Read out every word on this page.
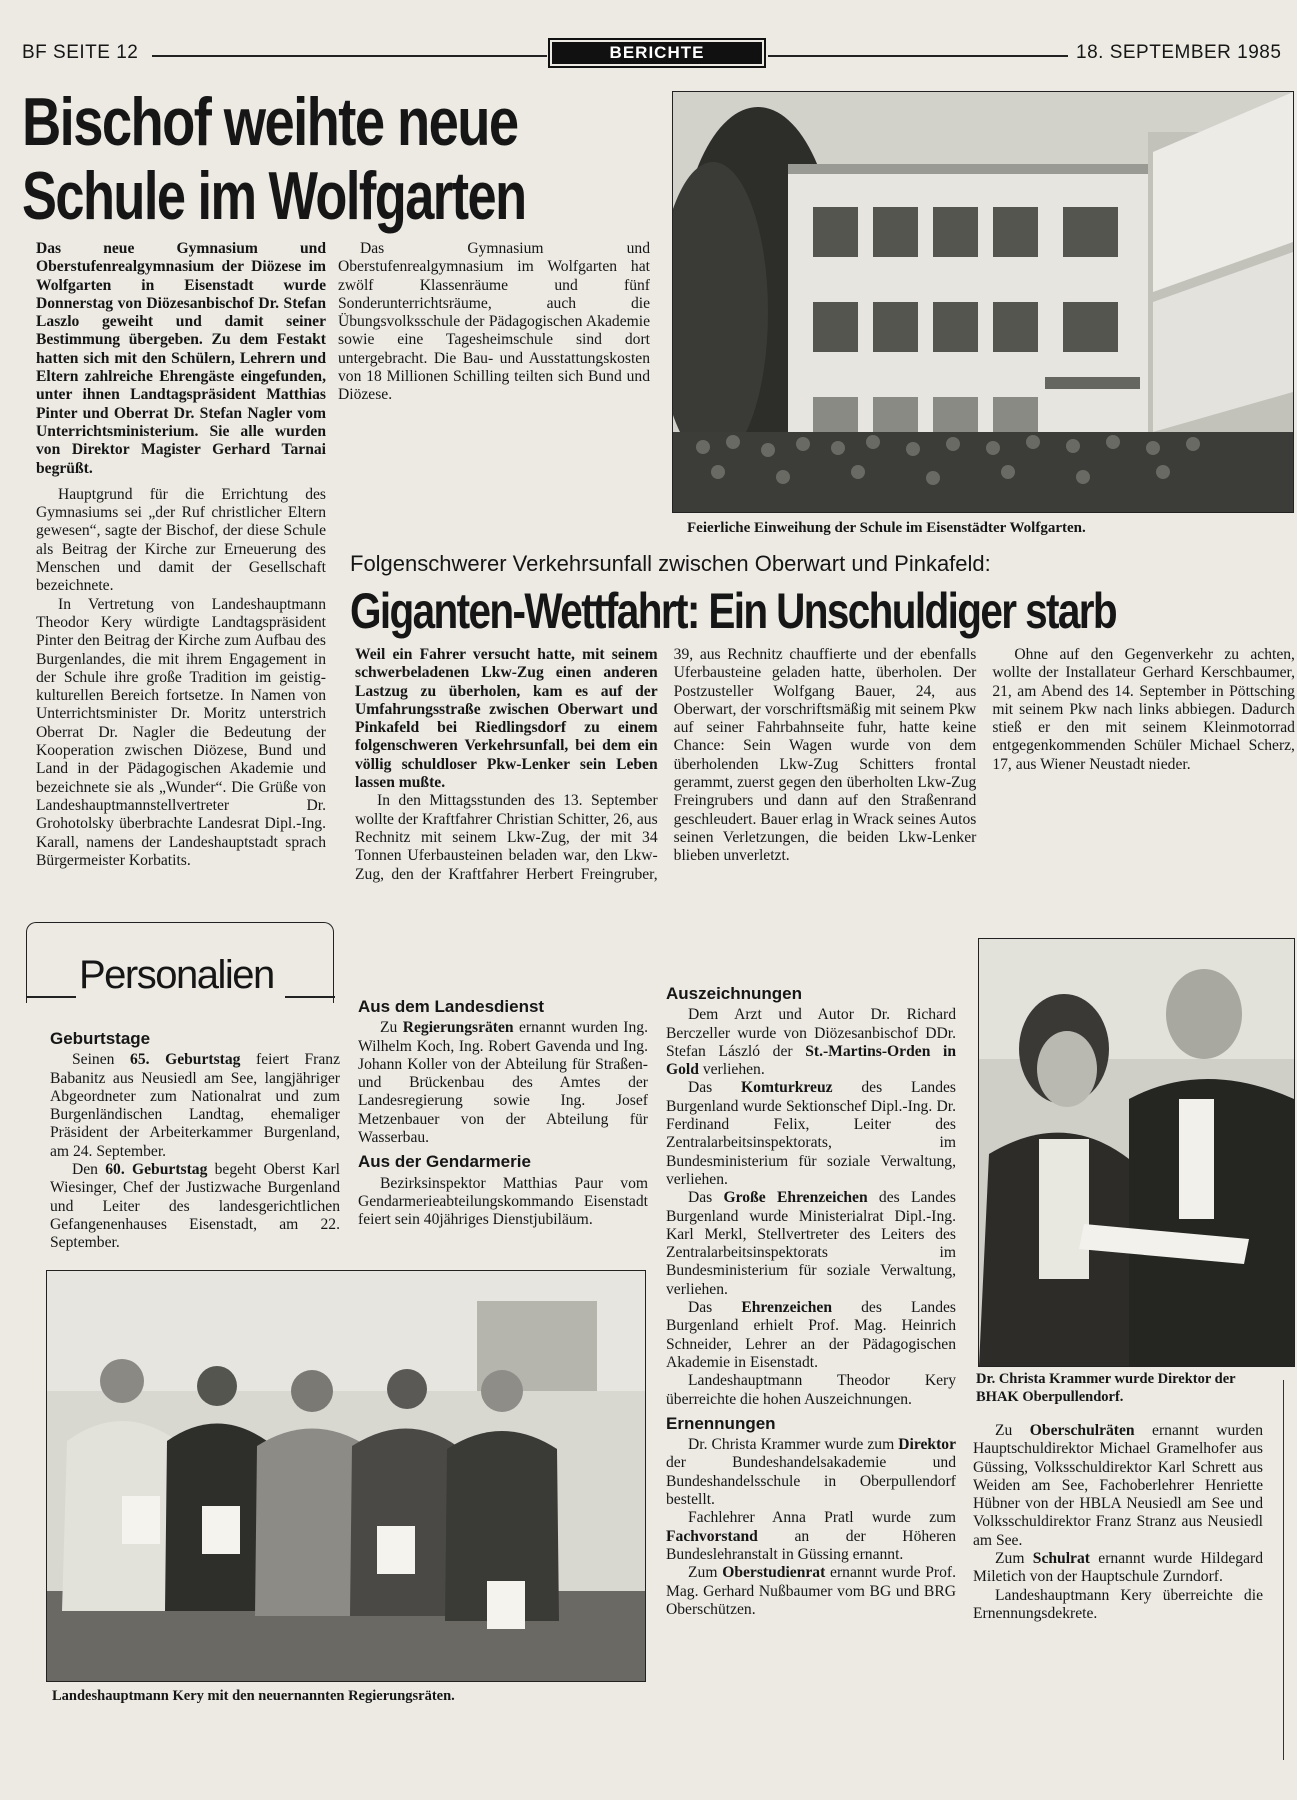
BF SEITE 12	BERICHTE	18. SEPTEMBER 1985
Bischof weihte neue
Schule im Wolfgarten

Das neue Gymnasium und Oberstufenrealgymnasium der Diözese im Wolfgarten in Eisenstadt wurde Donnerstag von Diözesanbischof Dr. Stefan Laszlo geweiht und damit seiner Bestimmung übergeben. Zu dem Festakt hatten sich mit den Schülern, Lehrern und Eltern zahlreiche Ehrengäste eingefunden, unter ihnen Landtagspräsident Matthias Pinter und Oberrat Dr. Stefan Nagler vom Unterrichtsministerium. Sie alle wurden von Direktor Magister Gerhard Tarnai begrüßt.

Hauptgrund für die Errichtung des Gymnasiums sei „der Ruf christlicher Eltern gewesen“, sagte der Bischof, der diese Schule als Beitrag der Kirche zur Erneuerung des Menschen und damit der Gesellschaft bezeichnete.

In Vertretung von Landeshauptmann Theodor Kery würdigte Landtagspräsident Pinter den Beitrag der Kirche zum Aufbau des Burgenlandes, die mit ihrem Engagement in der Schule ihre große Tradition im geistig-kulturellen Bereich fortsetze. In Namen von Unterrichtsminister Dr. Moritz unterstrich Oberrat Dr. Nagler die Bedeutung der Kooperation zwischen Diözese, Bund und Land in der Pädagogischen Akademie und bezeichnete sie als „Wunder“. Die Grüße von Landeshauptmannstellvertreter Dr. Grohotolsky überbrachte Landesrat Dipl.-Ing. Karall, namens der Landeshauptstadt sprach Bürgermeister Korbatits.

Das Gymnasium und Oberstufenrealgymnasium im Wolfgarten hat zwölf Klassenräume und fünf Sonderunterrichtsräume, auch die Übungsvolksschule der Pädagogischen Akademie sowie eine Tagesheimschule sind dort untergebracht. Die Bau- und Ausstattungskosten von 18 Millionen Schilling teilten sich Bund und Diözese.

Feierliche Einweihung der Schule im Eisenstädter Wolfgarten.
Folgenschwerer Verkehrsunfall zwischen Oberwart und Pinkafeld:
Giganten-Wettfahrt: Ein Unschuldiger starb

Weil ein Fahrer versucht hatte, mit seinem schwerbeladenen Lkw-Zug einen anderen Lastzug zu überholen, kam es auf der Umfahrungsstraße zwischen Oberwart und Pinkafeld bei Riedlingsdorf zu einem folgenschweren Verkehrsunfall, bei dem ein völlig schuldloser Pkw-Lenker sein Leben lassen mußte.

In den Mittagsstunden des 13. September wollte der Kraftfahrer Christian Schitter, 26, aus Rechnitz mit seinem Lkw-Zug, der mit 34 Tonnen Uferbausteinen beladen war, den Lkw-Zug, den der Kraftfahrer Herbert Freingruber, 39, aus Rechnitz chauffierte und der ebenfalls Uferbausteine geladen hatte, überholen. Der Postzusteller Wolfgang Bauer, 24, aus Oberwart, der vorschriftsmäßig mit seinem Pkw auf seiner Fahrbahnseite fuhr, hatte keine Chance: Sein Wagen wurde von dem überholenden Lkw-Zug Schitters frontal gerammt, zuerst gegen den überholten Lkw-Zug Freingrubers und dann auf den Straßenrand geschleudert. Bauer erlag in Wrack seines Autos seinen Verletzungen, die beiden Lkw-Lenker blieben unverletzt.

Ohne auf den Gegenverkehr zu achten, wollte der Installateur Gerhard Kerschbaumer, 21, am Abend des 14. September in Pöttsching mit seinem Pkw nach links abbiegen. Dadurch stieß er den mit seinem Kleinmotorrad entgegenkommenden Schüler Michael Scherz, 17, aus Wiener Neustadt nieder.

Personalien
Geburtstage

Seinen 65. Geburtstag feiert Franz Babanitz aus Neusiedl am See, langjähriger Abgeordneter zum Nationalrat und zum Burgenländischen Landtag, ehemaliger Präsident der Arbeiterkammer Burgenland, am 24. September.

Den 60. Geburtstag begeht Oberst Karl Wiesinger, Chef der Justizwache Burgenland und Leiter des landesgerichtlichen Gefangenenhauses Eisenstadt, am 22. September.

Aus dem Landesdienst

Zu Regierungsräten ernannt wurden Ing. Wilhelm Koch, Ing. Robert Gavenda und Ing. Johann Koller von der Abteilung für Straßen- und Brückenbau des Amtes der Landesregierung sowie Ing. Josef Metzenbauer von der Abteilung für Wasserbau.

Aus der Gendarmerie

Bezirksinspektor Matthias Paur vom Gendarmerieabteilungskommando Eisenstadt feiert sein 40jähriges Dienstjubiläum.

Auszeichnungen

Dem Arzt und Autor Dr. Richard Berczeller wurde von Diözesanbischof DDr. Stefan László der St.-Martins-Orden in Gold verliehen.

Das Komturkreuz des Landes Burgenland wurde Sektionschef Dipl.-Ing. Dr. Ferdinand Felix, Leiter des Zentralarbeitsinspektorats, im Bundesministerium für soziale Verwaltung, verliehen.

Das Große Ehrenzeichen des Landes Burgenland wurde Ministerialrat Dipl.-Ing. Karl Merkl, Stellvertreter des Leiters des Zentralarbeitsinspektorats im Bundesministerium für soziale Verwaltung, verliehen.

Das Ehrenzeichen des Landes Burgenland erhielt Prof. Mag. Heinrich Schneider, Lehrer an der Pädagogischen Akademie in Eisenstadt.

Landeshauptmann Theodor Kery überreichte die hohen Auszeichnungen.

Ernennungen

Dr. Christa Krammer wurde zum Direktor der Bundeshandelsakademie und Bundeshandelsschule in Oberpullendorf bestellt.

Fachlehrer Anna Pratl wurde zum Fachvorstand an der Höheren Bundeslehranstalt in Güssing ernannt.

Zum Oberstudienrat ernannt wurde Prof. Mag. Gerhard Nußbaumer vom BG und BRG Oberschützen.

Zu Oberschulräten ernannt wurden Hauptschuldirektor Michael Gramelhofer aus Güssing, Volksschuldirektor Karl Schrett aus Weiden am See, Fachoberlehrer Henriette Hübner von der HBLA Neusiedl am See und Volksschuldirektor Franz Stranz aus Neusiedl am See.

Zum Schulrat ernannt wurde Hildegard Miletich von der Hauptschule Zurndorf.

Landeshauptmann Kery überreichte die Ernennungsdekrete.

Landeshauptmann Kery mit den neuernannten Regierungsräten.
Dr. Christa Krammer wurde Direktor der BHAK Oberpullendorf.
